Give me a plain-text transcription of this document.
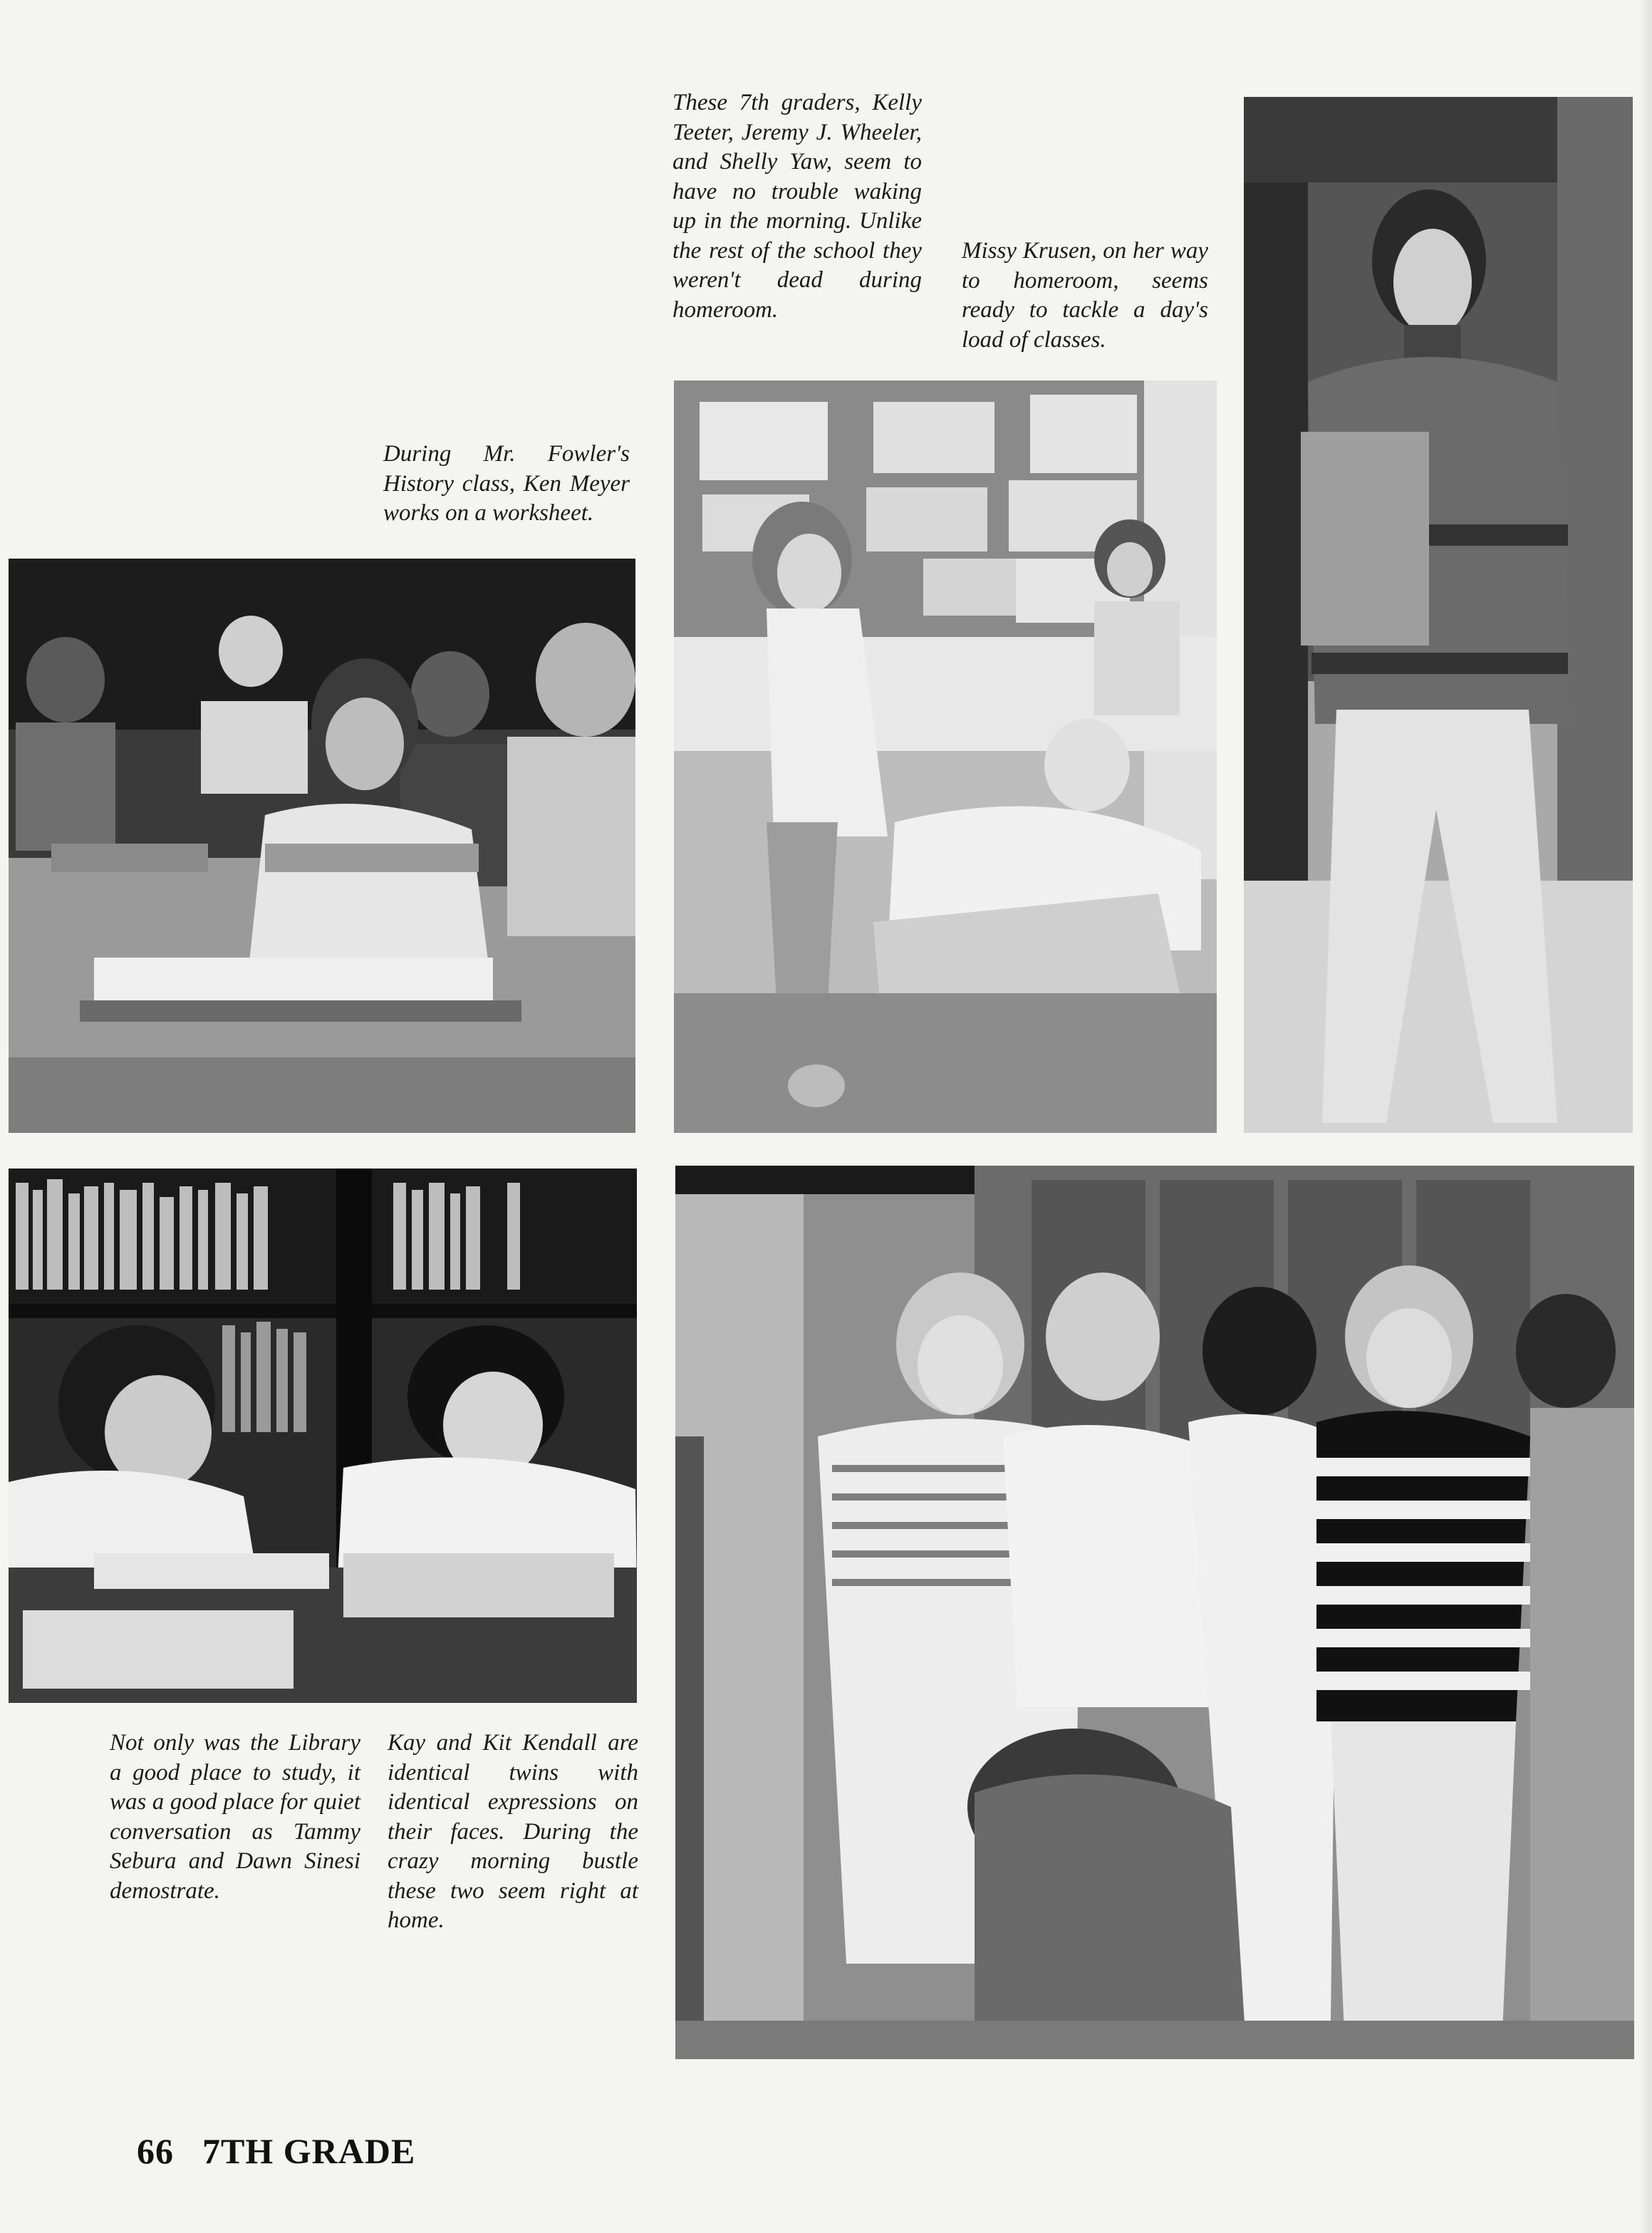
These 7th graders, Kelly Teeter, Jeremy J. Wheeler, and Shelly Yaw, seem to have no trouble waking up in the morning. Unlike the rest of the school they weren't dead during homeroom.

Missy Krusen, on her way to homeroom, seems ready to tackle a day's load of classes.

During Mr. Fowler's History class, Ken Meyer works on a worksheet.

Not only was the Library a good place to study, it was a good place for quiet conversation as Tammy Sebura and Dawn Sinesi demostrate.

Kay and Kit Kendall are identical twins with identical expressions on their faces. During the crazy morning bustle these two seem right at home.

66 7TH GRADE
